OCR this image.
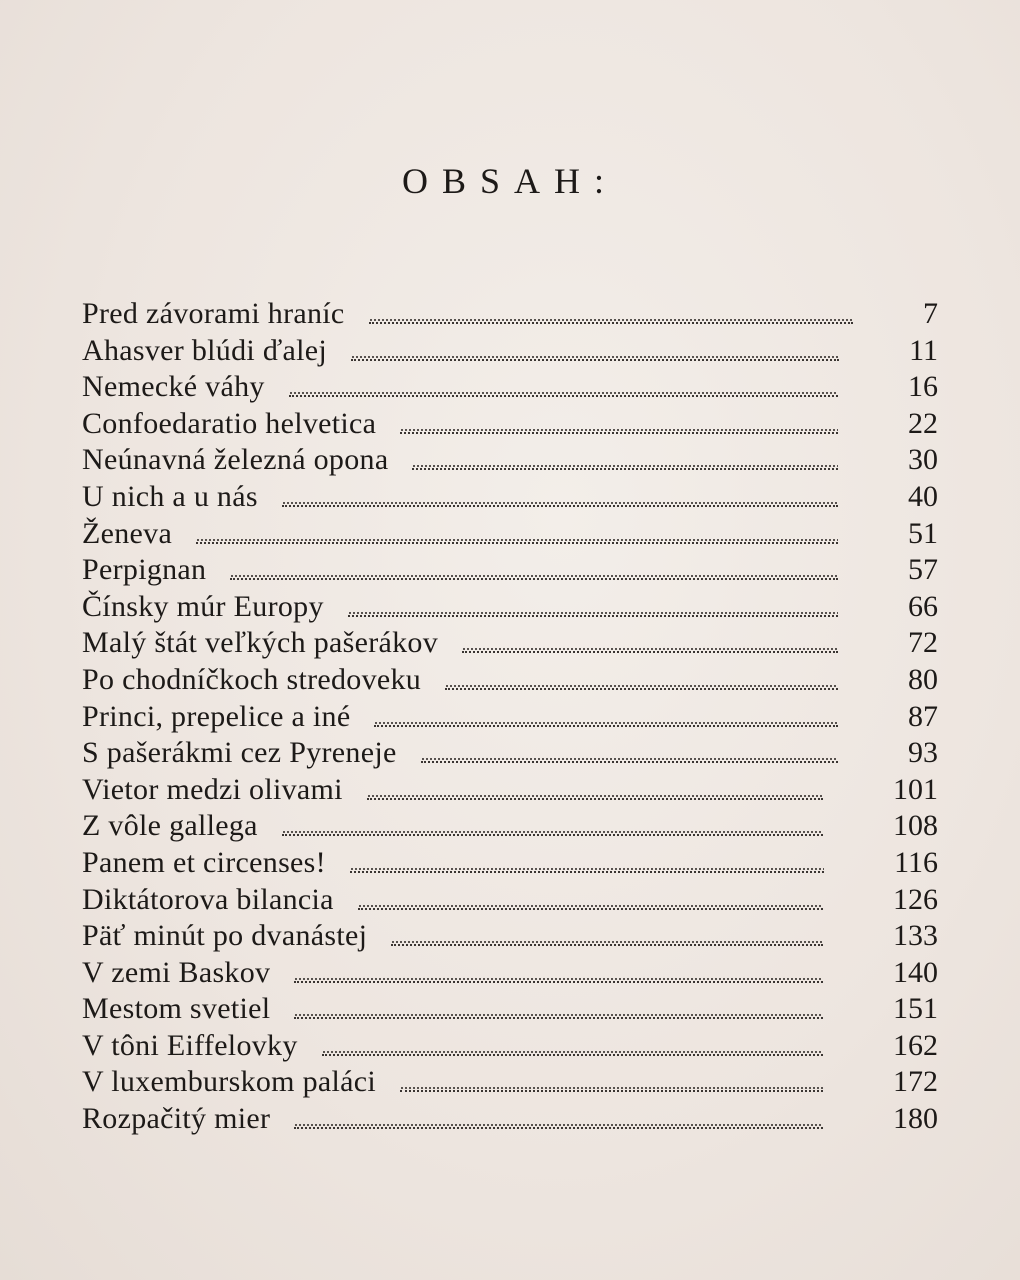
OBSAH:
Pred závorami hraníc	7
Ahasver blúdi ďalej	11
Nemecké váhy	16
Confoedaratio helvetica	22
Neúnavná železná opona	30
U nich a u nás	40
Ženeva	51
Perpignan	57
Čínsky múr Europy	66
Malý štát veľkých pašerákov	72
Po chodníčkoch stredoveku	80
Princi, prepelice a iné	87
S pašerákmi cez Pyreneje	93
Vietor medzi olivami	101
Z vôle gallega	108
Panem et circenses!	116
Diktátorova bilancia	126
Päť minút po dvanástej	133
V zemi Baskov	140
Mestom svetiel	151
V tôni Eiffelovky	162
V luxemburskom paláci	172
Rozpačitý mier	180
